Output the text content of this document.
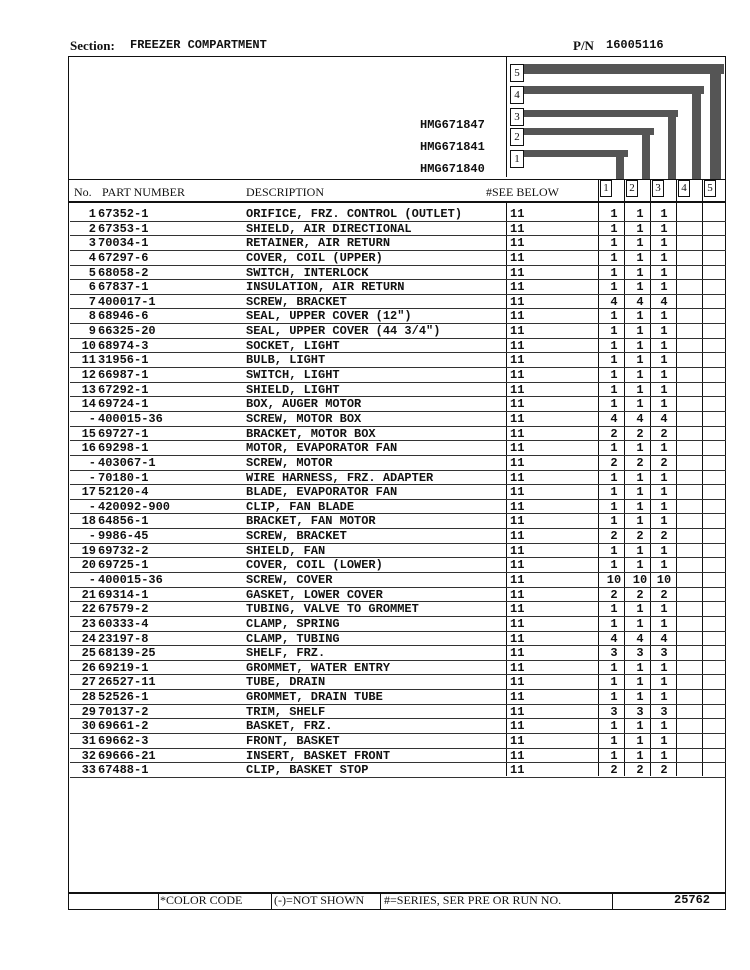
Section: FREEZER COMPARTMENT	P/N 16005116
HMG671847
HMG671841
HMG671840
5
4
3
2
1
No. PART NUMBER	DESCRIPTION	#SEE BELOW	1 2 3 4 5
1 67352-1	ORIFICE, FRZ. CONTROL (OUTLET)	11	1	1	1
2 67353-1	SHIELD, AIR DIRECTIONAL	11	1	1	1
3 70034-1	RETAINER, AIR RETURN	11	1	1	1
4 67297-6	COVER, COIL (UPPER)	11	1	1	1
5 68058-2	SWITCH, INTERLOCK	11	1	1	1
6 67837-1	INSULATION, AIR RETURN	11	1	1	1
7 400017-1	SCREW, BRACKET	11	4	4	4
8 68946-6	SEAL, UPPER COVER (12")	11	1	1	1
9 66325-20	SEAL, UPPER COVER (44 3/4")	11	1	1	1
10 68974-3	SOCKET, LIGHT	11	1	1	1
11 31956-1	BULB, LIGHT	11	1	1	1
12 66987-1	SWITCH, LIGHT	11	1	1	1
13 67292-1	SHIELD, LIGHT	11	1	1	1
14 69724-1	BOX, AUGER MOTOR	11	1	1	1
- 400015-36	SCREW, MOTOR BOX	11	4	4	4
15 69727-1	BRACKET, MOTOR BOX	11	2	2	2
16 69298-1	MOTOR, EVAPORATOR FAN	11	1	1	1
- 403067-1	SCREW, MOTOR	11	2	2	2
- 70180-1	WIRE HARNESS, FRZ. ADAPTER	11	1	1	1
17 52120-4	BLADE, EVAPORATOR FAN	11	1	1	1
- 420092-900	CLIP, FAN BLADE	11	1	1	1
18 64856-1	BRACKET, FAN MOTOR	11	1	1	1
- 9986-45	SCREW, BRACKET	11	2	2	2
19 69732-2	SHIELD, FAN	11	1	1	1
20 69725-1	COVER, COIL (LOWER)	11	1	1	1
- 400015-36	SCREW, COVER	11	10 10 10
21 69314-1	GASKET, LOWER COVER	11	2	2	2
22 67579-2	TUBING, VALVE TO GROMMET	11	1	1	1
23 60333-4	CLAMP, SPRING	11	1	1	1
24 23197-8	CLAMP, TUBING	11	4	4	4
25 68139-25	SHELF, FRZ.	11	3	3	3
26 69219-1	GROMMET, WATER ENTRY	11	1	1	1
27 26527-11	TUBE, DRAIN	11	1	1	1
28 52526-1	GROMMET, DRAIN TUBE	11	1	1	1
29 70137-2	TRIM, SHELF	11	3	3	3
30 69661-2	BASKET, FRZ.	11	1	1	1
31 69662-3	FRONT, BASKET	11	1	1	1
32 69666-21	INSERT, BASKET FRONT	11	1	1	1
33 67488-1	CLIP, BASKET STOP	11	2	2	2
*COLOR CODE	(-)=NOT SHOWN #=SERIES, SER PRE OR RUN NO.	25762
